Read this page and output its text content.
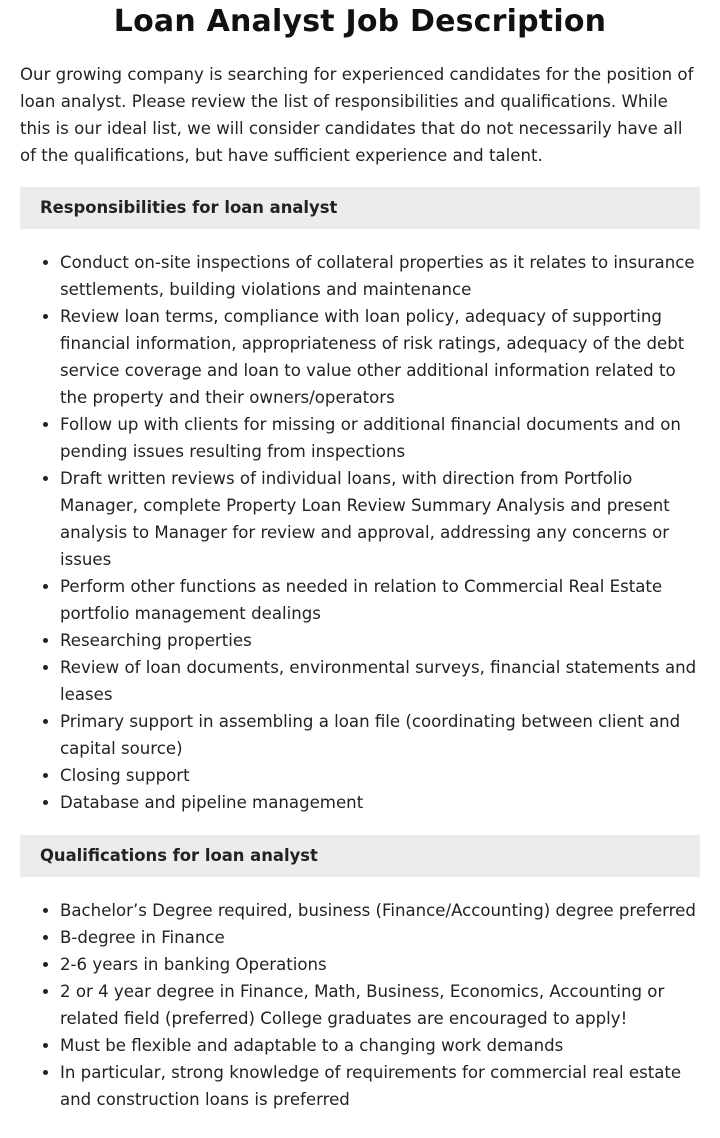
Loan Analyst Job Description

Our growing company is searching for experienced candidates for the position of loan analyst. Please review the list of responsibilities and qualifications. While this is our ideal list, we will consider candidates that do not necessarily have all of the qualifications, but have sufficient experience and talent.

Responsibilities for loan analyst
• Conduct on-site inspections of collateral properties as it relates to insurance settlements, building violations and maintenance
• Review loan terms, compliance with loan policy, adequacy of supporting financial information, appropriateness of risk ratings, adequacy of the debt service coverage and loan to value other additional information related to the property and their owners/operators
• Follow up with clients for missing or additional financial documents and on pending issues resulting from inspections
• Draft written reviews of individual loans, with direction from Portfolio Manager, complete Property Loan Review Summary Analysis and present analysis to Manager for review and approval, addressing any concerns or issues
• Perform other functions as needed in relation to Commercial Real Estate portfolio management dealings
• Researching properties
• Review of loan documents, environmental surveys, financial statements and leases
• Primary support in assembling a loan file (coordinating between client and capital source)
• Closing support
• Database and pipeline management
Qualifications for loan analyst
• Bachelor’s Degree required, business (Finance/Accounting) degree preferred
• B-degree in Finance
• 2-6 years in banking Operations
• 2 or 4 year degree in Finance, Math, Business, Economics, Accounting or related field (preferred) College graduates are encouraged to apply!
• Must be flexible and adaptable to a changing work demands
• In particular, strong knowledge of requirements for commercial real estate and construction loans is preferred
